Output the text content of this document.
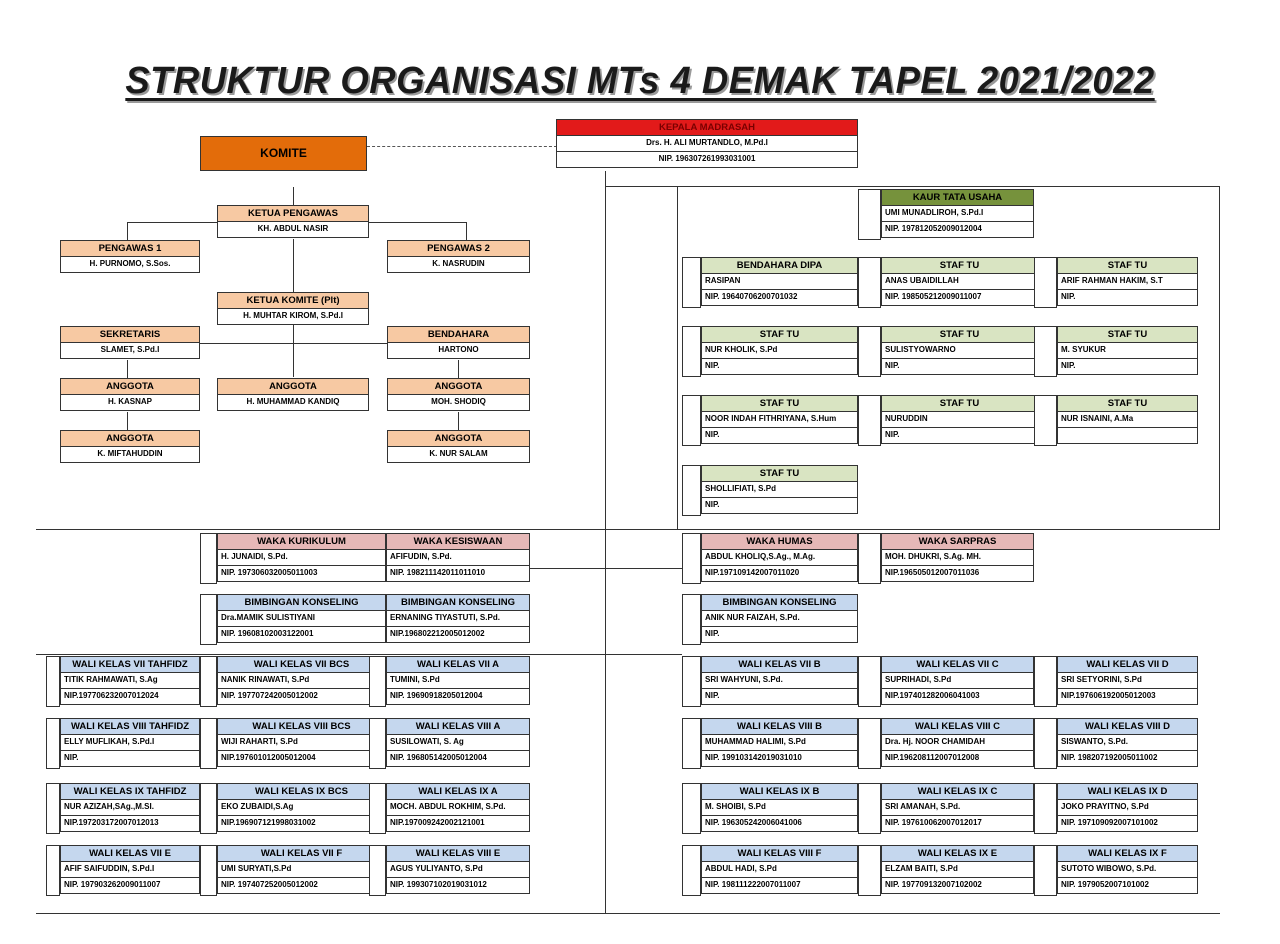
STRUKTUR ORGANISASI MTs 4 DEMAK TAPEL 2021/2022
KOMITE
KEPALA MADRASAH
Drs. H. ALI MURTANDLO, M.Pd.I
NIP. 196307261993031001
KETUA PENGAWAS
KH. ABDUL NASIR
PENGAWAS 1
H. PURNOMO, S.Sos.
PENGAWAS 2
K. NASRUDIN
KETUA KOMITE (Plt)
H. MUHTAR KIROM, S.Pd.I
SEKRETARIS
SLAMET, S.Pd.I
BENDAHARA
HARTONO
ANGGOTA
H. KASNAP
ANGGOTA
H. MUHAMMAD KANDIQ
ANGGOTA
MOH. SHODIQ
ANGGOTA
K. MIFTAHUDDIN
ANGGOTA
K. NUR SALAM
KAUR TATA USAHA
UMI MUNADLIROH, S.Pd.I
NIP. 197812052009012004
BENDAHARA DIPA
RASIPAN
NIP. 19640706200701032
STAF TU
ANAS UBAIDILLAH
NIP. 198505212009011007
STAF TU
ARIF RAHMAN HAKIM, S.T
NIP.
STAF TU
NUR KHOLIK, S.Pd
NIP.
STAF TU
SULISTYOWARNO
NIP.
STAF TU
M. SYUKUR
NIP.
STAF TU
NOOR INDAH FITHRIYANA, S.Hum
NIP.
STAF TU
NURUDDIN
NIP.
STAF TU
NUR ISNAINI, A.Ma
STAF TU
SHOLLIFIATI, S.Pd
NIP.
WAKA KURIKULUM
H. JUNAIDI, S.Pd.
NIP. 197306032005011003
WAKA KESISWAAN
AFIFUDIN, S.Pd.
NIP. 198211142011011010
WAKA HUMAS
ABDUL KHOLIQ,S.Ag., M.Ag.
NIP.197109142007011020
WAKA SARPRAS
MOH. DHUKRI, S.Ag. MH.
NIP.196505012007011036
BIMBINGAN KONSELING
Dra.MAMIK SULISTIYANI
NIP. 19608102003122001
BIMBINGAN KONSELING
ERNANING TIYASTUTI, S.Pd.
NIP.196802212005012002
BIMBINGAN KONSELING
ANIK NUR FAIZAH, S.Pd.
NIP.
WALI KELAS VII TAHFIDZ
TITIK RAHMAWATI, S.Ag
NIP.197706232007012024
WALI KELAS VII BCS
NANIK RINAWATI, S.Pd
NIP. 197707242005012002
WALI KELAS VII A
TUMINI, S.Pd
NIP. 19690918205012004
WALI KELAS VII B
SRI WAHYUNI, S.Pd.
NIP.
WALI KELAS VII C
SUPRIHADI, S.Pd
NIP.197401282006041003
WALI KELAS VII D
SRI SETYORINI, S.Pd
NIP.197606192005012003
WALI KELAS VIII TAHFIDZ
ELLY MUFLIKAH, S.Pd.I
NIP.
WALI KELAS VIII BCS
WIJI RAHARTI, S.Pd
NIP.197601012005012004
WALI KELAS VIII A
SUSILOWATI, S. Ag
NIP. 196805142005012004
WALI KELAS VIII B
MUHAMMAD HALIMI, S.Pd
NIP. 199103142019031010
WALI KELAS VIII C
Dra. Hj. NOOR CHAMIDAH
NIP.196208112007012008
WALI KELAS VIII D
SISWANTO, S.Pd.
NIP. 198207192005011002
WALI KELAS IX TAHFIDZ
NUR AZIZAH,SAg.,M.SI.
NIP.197203172007012013
WALI KELAS IX BCS
EKO ZUBAIDI,S.Ag
NIP.196907121998031002
WALI KELAS IX A
MOCH. ABDUL ROKHIM, S.Pd.
NIP.197009242002121001
WALI KELAS IX B
M. SHOIBI, S.Pd
NIP. 196305242006041006
WALI KELAS IX C
SRI AMANAH, S.Pd.
NIP. 197610062007012017
WALI KELAS IX D
JOKO PRAYITNO, S.Pd
NIP. 197109092007101002
WALI KELAS VII E
AFIF SAIFUDDIN, S.Pd.I
NIP. 197903262009011007
WALI KELAS VII F
UMI SURYATI,S.Pd
NIP. 197407252005012002
WALI KELAS VIII E
AGUS YULIYANTO, S.Pd
NIP. 199307102019031012
WALI KELAS VIII F
ABDUL HADI, S.Pd
NIP. 198111222007011007
WALI KELAS IX E
ELZAM BAITI, S.Pd
NIP. 197709132007102002
WALI KELAS IX F
SUTOTO WIBOWO, S.Pd.
NIP. 1979052007101002
